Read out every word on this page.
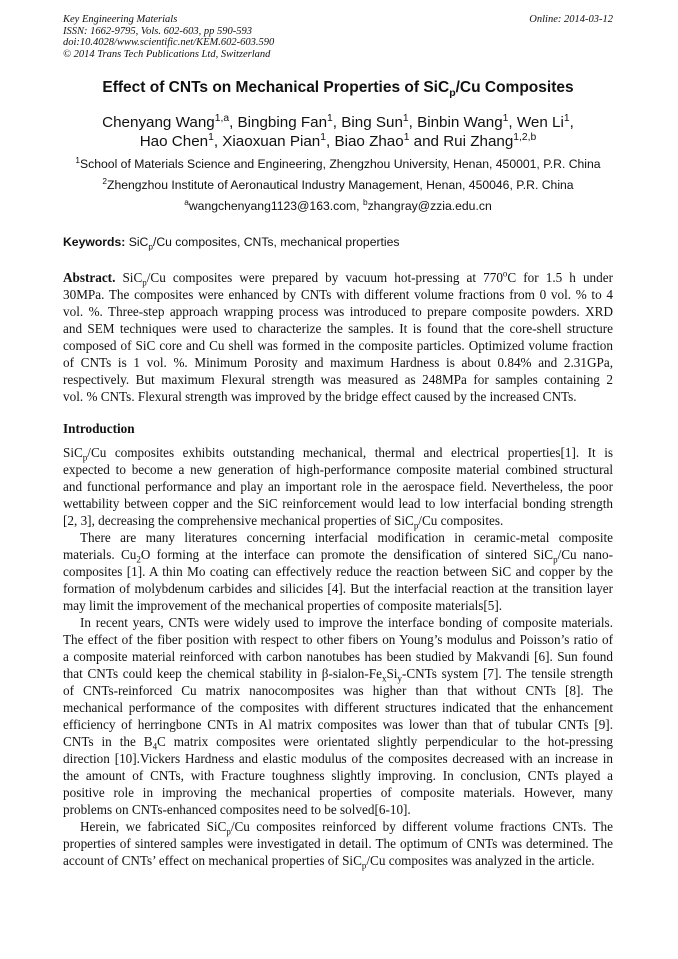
Key Engineering Materials
ISSN: 1662-9795, Vols. 602-603, pp 590-593
doi:10.4028/www.scientific.net/KEM.602-603.590
© 2014 Trans Tech Publications Ltd, Switzerland
Online: 2014-03-12
Effect of CNTs on Mechanical Properties of SiC$_p$/Cu Composites
Chenyang Wang$^{1,a}$, Bingbing Fan$^1$, Bing Sun$^1$, Binbin Wang$^1$, Wen Li$^1$,
Hao Chen$^1$, Xiaoxuan Pian$^1$, Biao Zhao$^1$ and Rui Zhang$^{1,2,b}$
$^1$School of Materials Science and Engineering, Zhengzhou University, Henan, 450001, P.R. China
$^2$Zhengzhou Institute of Aeronautical Industry Management, Henan, 450046, P.R. China
$^a$wangchenyang1123@163.com, $^b$zhangray@zzia.edu.cn
Keywords: SiC$_p$/Cu composites, CNTs, mechanical properties
Abstract. SiC$_p$/Cu composites were prepared by vacuum hot-pressing at 770$^o$C for 1.5 h under
30MPa. The composites were enhanced by CNTs with different volume fractions from 0 vol. % to 4
vol. %. Three-step approach wrapping process was introduced to prepare composite powders. XRD
and SEM techniques were used to characterize the samples. It is found that the core-shell structure
composed of SiC core and Cu shell was formed in the composite particles. Optimized volume fraction
of CNTs is 1 vol. %. Minimum Porosity and maximum Hardness is about 0.84% and 2.31GPa,
respectively. But maximum Flexural strength was measured as 248MPa for samples containing 2
vol. % CNTs. Flexural strength was improved by the bridge effect caused by the increased CNTs.
Introduction

SiC$_p$/Cu composites exhibits outstanding mechanical, thermal and electrical properties[1]. It is
expected to become a new generation of high-performance composite material combined structural
and functional performance and play an important role in the aerospace field. Nevertheless, the poor
wettability between copper and the SiC reinforcement would lead to low interfacial bonding strength
[2, 3], decreasing the comprehensive mechanical properties of SiC$_p$/Cu composites.

There are many literatures concerning interfacial modification in ceramic-metal composite
materials. $Cu_2O$ forming at the interface can promote the densification of sintered SiC$_p$/Cu nano-
composites [1]. A thin Mo coating can effectively reduce the reaction between SiC and copper by the
formation of molybdenum carbides and silicides [4]. But the interfacial reaction at the transition layer
may limit the improvement of the mechanical properties of composite materials[5].

In recent years, CNTs were widely used to improve the interface bonding of composite materials.
The effect of the fiber position with respect to other fibers on Young’s modulus and Poisson’s ratio of
a composite material reinforced with carbon nanotubes has been studied by Makvandi [6]. Sun found
that CNTs could keep the chemical stability in $\beta-sialon-Fe_xSi_y$-CNTs system [7]. The tensile strength
of CNTs-reinforced Cu matrix nanocomposites was higher than that without CNTs [8]. The
mechanical performance of the composites with different structures indicated that the enhancement
efficiency of herringbone CNTs in Al matrix composites was lower than that of tubular CNTs [9].
CNTs in the $B_4C$ matrix composites were orientated slightly perpendicular to the hot-pressing
direction [10].Vickers Hardness and elastic modulus of the composites decreased with an increase in
the amount of CNTs, with Fracture toughness slightly improving. In conclusion, CNTs played a
positive role in improving the mechanical properties of composite materials. However, many
problems on CNTs-enhanced composites need to be solved[6-10].

Herein, we fabricated SiC$_p$/Cu composites reinforced by different volume fractions CNTs. The
properties of sintered samples were investigated in detail. The optimum of CNTs was determined. The
account of CNTs’ effect on mechanical properties of SiC$_p$/Cu composites was analyzed in the article.
